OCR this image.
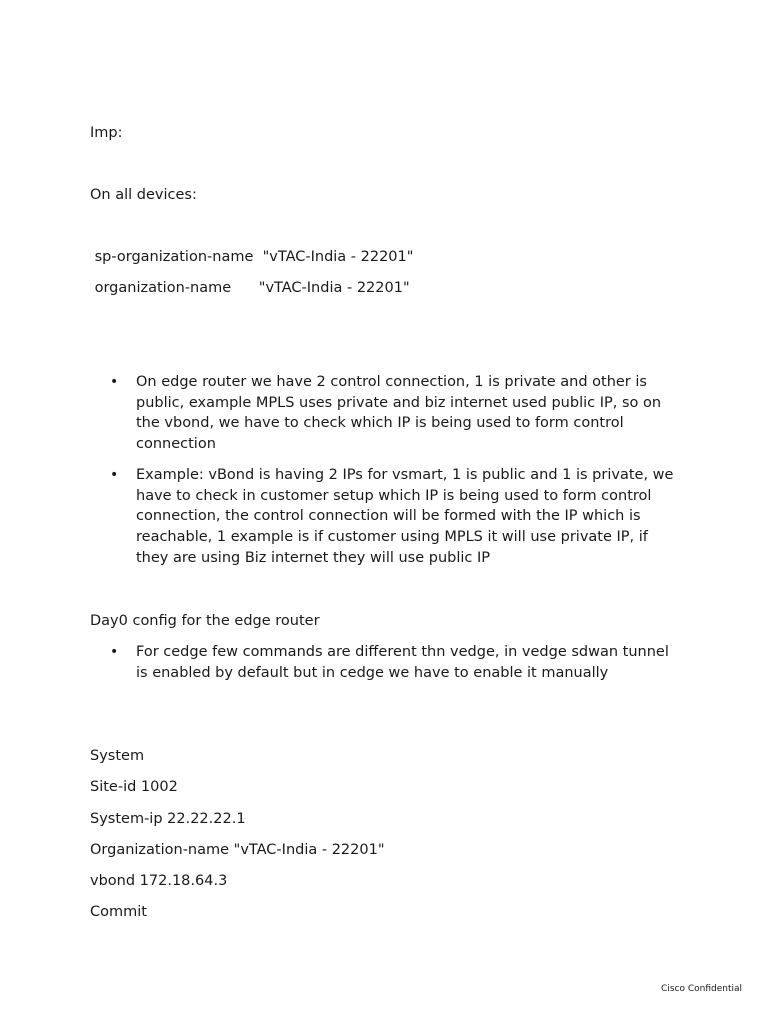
Imp:
On all devices:
sp-organization-name  "vTAC-India - 22201"
organization-name      "vTAC-India - 22201"
•	On edge router we have 2 control connection, 1 is private and other is public, example MPLS uses private and biz internet used public IP, so on the vbond, we have to check which IP is being used to form control connection
•	Example: vBond is having 2 IPs for vsmart, 1 is public and 1 is private, we have to check in customer setup which IP is being used to form control connection, the control connection will be formed with the IP which is reachable, 1 example is if customer using MPLS it will use private IP, if they are using Biz internet they will use public IP
Day0 config for the edge router
•	For cedge few commands are different thn vedge, in vedge sdwan tunnel is enabled by default but in cedge we have to enable it manually
System
Site-id 1002
System-ip 22.22.22.1
Organization-name "vTAC-India - 22201"
vbond 172.18.64.3
Commit
Cisco Confidential
